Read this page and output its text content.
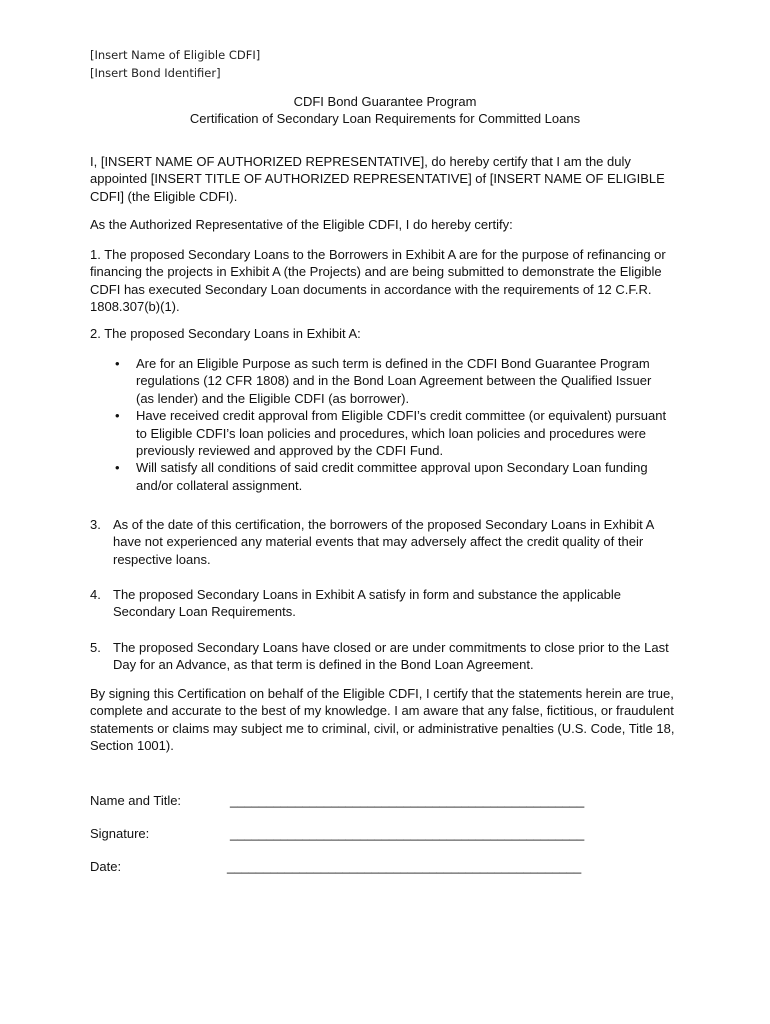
[Insert Name of Eligible CDFI]
[Insert Bond Identifier]
CDFI Bond Guarantee Program
Certification of Secondary Loan Requirements for Committed Loans

I, [INSERT NAME OF AUTHORIZED REPRESENTATIVE], do hereby certify that I am the duly appointed [INSERT TITLE OF AUTHORIZED REPRESENTATIVE] of [INSERT NAME OF ELIGIBLE CDFI] (the Eligible CDFI).

As the Authorized Representative of the Eligible CDFI, I do hereby certify:

1. The proposed Secondary Loans to the Borrowers in Exhibit A are for the purpose of refinancing or financing the projects in Exhibit A (the Projects) and are being submitted to demonstrate the Eligible CDFI has executed Secondary Loan documents in accordance with the requirements of 12 C.F.R. 1808.307(b)(1).

2. The proposed Secondary Loans in Exhibit A:

• Are for an Eligible Purpose as such term is defined in the CDFI Bond Guarantee Program regulations (12 CFR 1808) and in the Bond Loan Agreement between the Qualified Issuer (as lender) and the Eligible CDFI (as borrower).
• Have received credit approval from Eligible CDFI’s credit committee (or equivalent) pursuant to Eligible CDFI’s loan policies and procedures, which loan policies and procedures were previously reviewed and approved by the CDFI Fund.
• Will satisfy all conditions of said credit committee approval upon Secondary Loan funding and/or collateral assignment.
3. As of the date of this certification, the borrowers of the proposed Secondary Loans in Exhibit A have not experienced any material events that may adversely affect the credit quality of their respective loans.
4. The proposed Secondary Loans in Exhibit A satisfy in form and substance the applicable Secondary Loan Requirements.
5. The proposed Secondary Loans have closed or are under commitments to close prior to the Last Day for an Advance, as that term is defined in the Bond Loan Agreement.

By signing this Certification on behalf of the Eligible CDFI, I certify that the statements herein are true, complete and accurate to the best of my knowledge. I am aware that any false, fictitious, or fraudulent statements or claims may subject me to criminal, civil, or administrative penalties (U.S. Code, Title 18, Section 1001).

Name and Title:	_________________________________________________
Signature:	_________________________________________________
Date:	_________________________________________________
